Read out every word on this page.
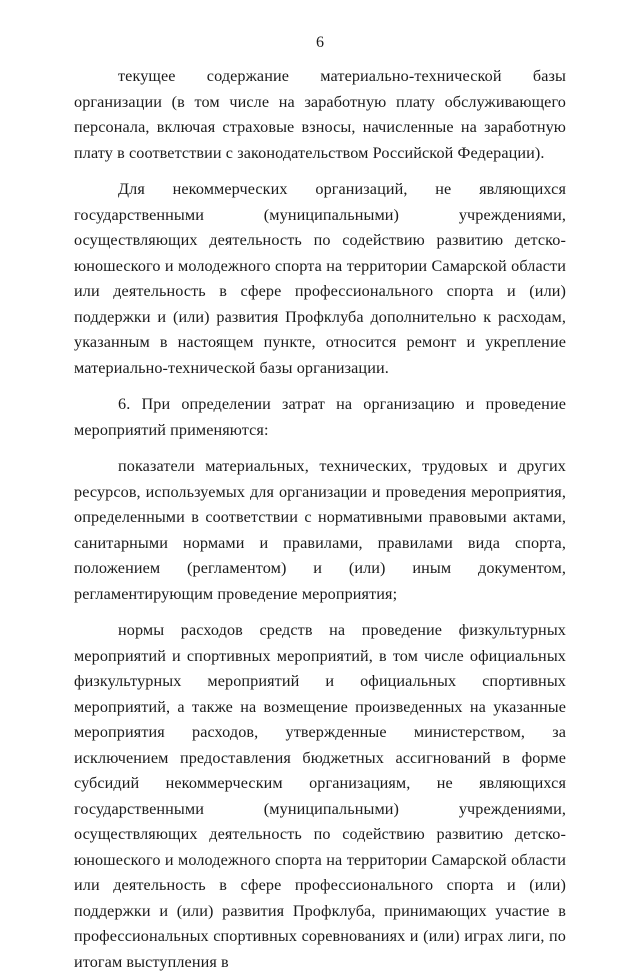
6

текущее содержание материально-технической базы организации (в том числе на заработную плату обслуживающего персонала, включая страховые взносы, начисленные на заработную плату в соответствии с законодательством Российской Федерации).

Для некоммерческих организаций, не являющихся государственными (муниципальными) учреждениями, осуществляющих деятельность по содействию развитию детско-юношеского и молодежного спорта на территории Самарской области или деятельность в сфере профессионального спорта и (или) поддержки и (или) развития Профклуба дополнительно к расходам, указанным в настоящем пункте, относится ремонт и укрепление материально-технической базы организации.

6. При определении затрат на организацию и проведение мероприятий применяются:

показатели материальных, технических, трудовых и других ресурсов, используемых для организации и проведения мероприятия, определенными в соответствии с нормативными правовыми актами, санитарными нормами и правилами, правилами вида спорта, положением (регламентом) и (или) иным документом, регламентирующим проведение мероприятия;

нормы расходов средств на проведение физкультурных мероприятий и спортивных мероприятий, в том числе официальных физкультурных мероприятий и официальных спортивных мероприятий, а также на возмещение произведенных на указанные мероприятия расходов, утвержденные министерством, за исключением предоставления бюджетных ассигнований в форме субсидий некоммерческим организациям, не являющихся государственными (муниципальными) учреждениями, осуществляющих деятельность по содействию развитию детско-юношеского и молодежного спорта на территории Самарской области или деятельность в сфере профессионального спорта и (или) поддержки и (или) развития Профклуба, принимающих участие в профессиональных спортивных соревнованиях и (или) играх лиги, по итогам выступления в
